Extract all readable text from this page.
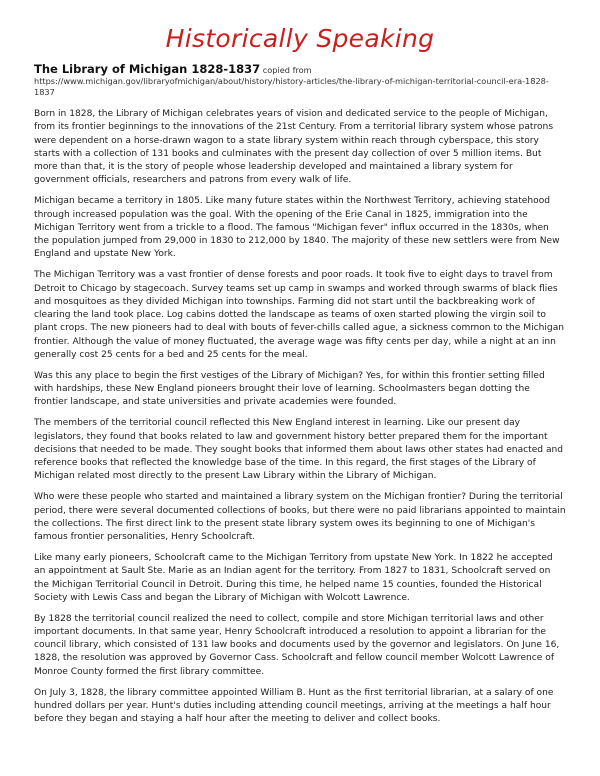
Historically Speaking
The Library of Michigan 1828-1837 copied from https://www.michigan.gov/libraryofmichigan/about/history/history-articles/the-library-of-michigan-territorial-council-era-1828-1837

Born in 1828, the Library of Michigan celebrates years of vision and dedicated service to the people of Michigan, from its frontier beginnings to the innovations of the 21st Century. From a territorial library system whose patrons were dependent on a horse-drawn wagon to a state library system within reach through cyberspace, this story starts with a collection of 131 books and culminates with the present day collection of over 5 million items. But more than that, it is the story of people whose leadership developed and maintained a library system for government officials, researchers and patrons from every walk of life.

Michigan became a territory in 1805. Like many future states within the Northwest Territory, achieving statehood through increased population was the goal. With the opening of the Erie Canal in 1825, immigration into the Michigan Territory went from a trickle to a flood. The famous "Michigan fever" influx occurred in the 1830s, when the population jumped from 29,000 in 1830 to 212,000 by 1840. The majority of these new settlers were from New England and upstate New York.

The Michigan Territory was a vast frontier of dense forests and poor roads. It took five to eight days to travel from Detroit to Chicago by stagecoach. Survey teams set up camp in swamps and worked through swarms of black flies and mosquitoes as they divided Michigan into townships. Farming did not start until the backbreaking work of clearing the land took place. Log cabins dotted the landscape as teams of oxen started plowing the virgin soil to plant crops. The new pioneers had to deal with bouts of fever-chills called ague, a sickness common to the Michigan frontier. Although the value of money fluctuated, the average wage was fifty cents per day, while a night at an inn generally cost 25 cents for a bed and 25 cents for the meal.

Was this any place to begin the first vestiges of the Library of Michigan? Yes, for within this frontier setting filled with hardships, these New England pioneers brought their love of learning. Schoolmasters began dotting the frontier landscape, and state universities and private academies were founded.

The members of the territorial council reflected this New England interest in learning. Like our present day legislators, they found that books related to law and government history better prepared them for the important decisions that needed to be made. They sought books that informed them about laws other states had enacted and reference books that reflected the knowledge base of the time. In this regard, the first stages of the Library of Michigan related most directly to the present Law Library within the Library of Michigan.

Who were these people who started and maintained a library system on the Michigan frontier? During the territorial period, there were several documented collections of books, but there were no paid librarians appointed to maintain the collections. The first direct link to the present state library system owes its beginning to one of Michigan's famous frontier personalities, Henry Schoolcraft.

Like many early pioneers, Schoolcraft came to the Michigan Territory from upstate New York. In 1822 he accepted an appointment at Sault Ste. Marie as an Indian agent for the territory. From 1827 to 1831, Schoolcraft served on the Michigan Territorial Council in Detroit. During this time, he helped name 15 counties, founded the Historical Society with Lewis Cass and began the Library of Michigan with Wolcott Lawrence.

By 1828 the territorial council realized the need to collect, compile and store Michigan territorial laws and other important documents. In that same year, Henry Schoolcraft introduced a resolution to appoint a librarian for the council library, which consisted of 131 law books and documents used by the governor and legislators. On June 16, 1828, the resolution was approved by Governor Cass. Schoolcraft and fellow council member Wolcott Lawrence of Monroe County formed the first library committee.

On July 3, 1828, the library committee appointed William B. Hunt as the first territorial librarian, at a salary of one hundred dollars per year. Hunt's duties including attending council meetings, arriving at the meetings a half hour before they began and staying a half hour after the meeting to deliver and collect books.
